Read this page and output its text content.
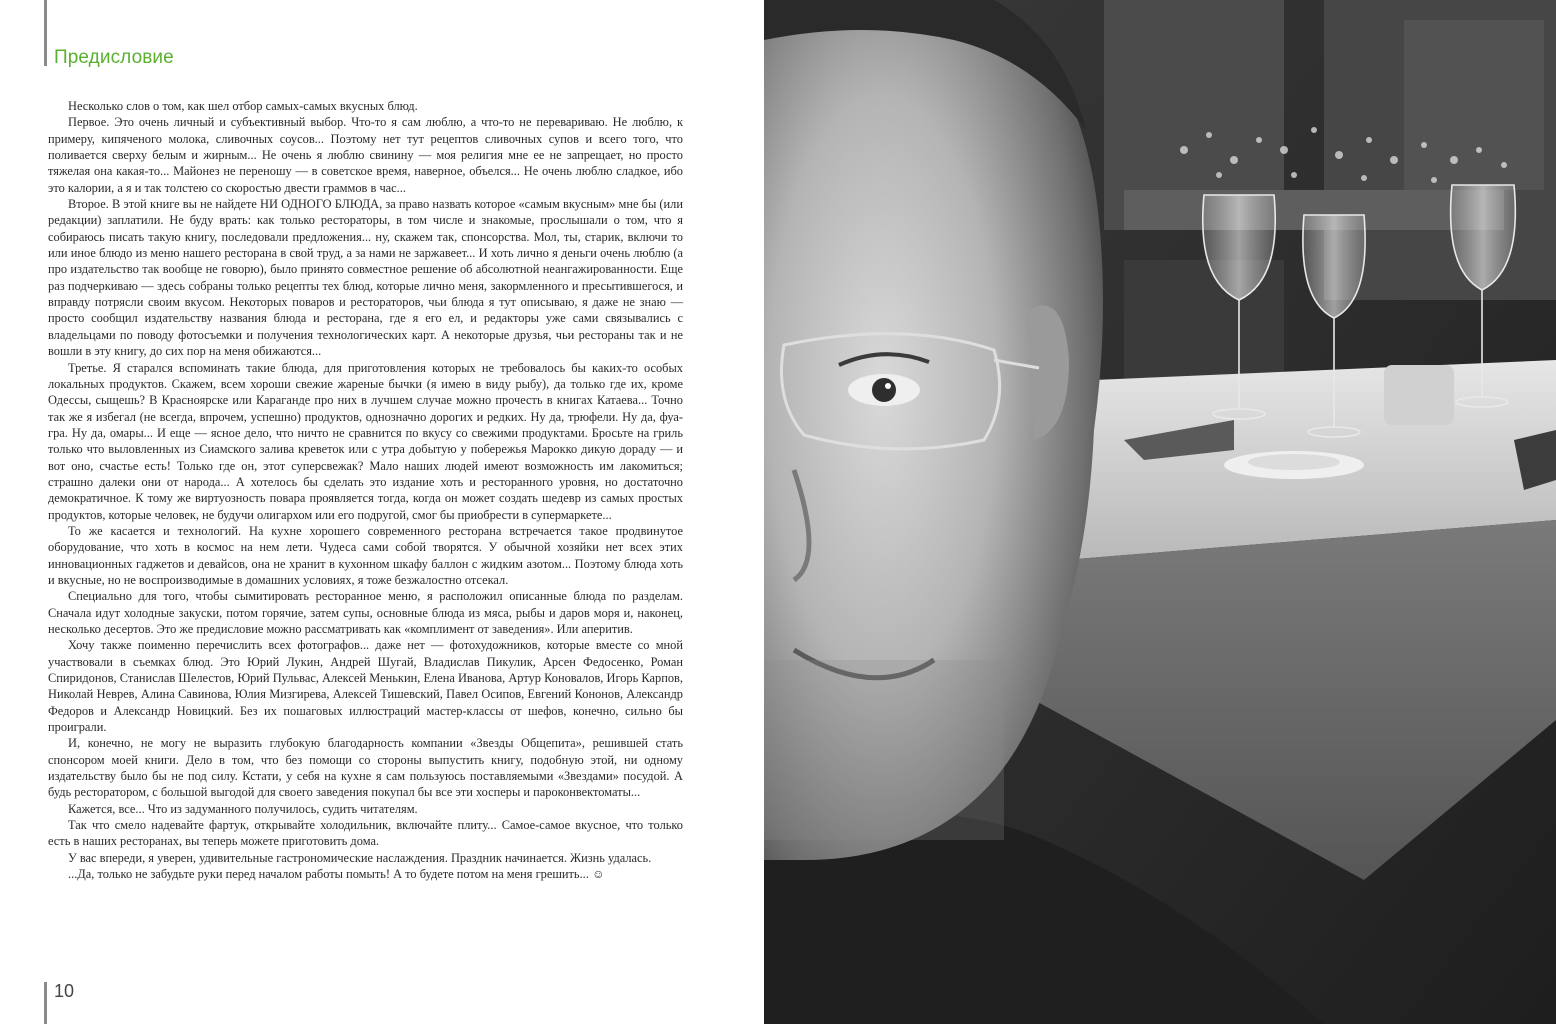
Предисловие

Несколько слов о том, как шел отбор самых-самых вкусных блюд.

Первое. Это очень личный и субъективный выбор. Что-то я сам люблю, а что-то не перевариваю. Не люблю, к примеру, кипяченого молока, сливочных соусов... Поэтому нет тут рецептов сливочных супов и всего того, что поливается сверху белым и жирным... Не очень я люблю свинину — моя религия мне ее не запрещает, но просто тяжелая она какая-то... Майонез не переношу — в советское время, наверное, объелся... Не очень люблю сладкое, ибо это калории, а я и так толстею со скоростью двести граммов в час...

Второе. В этой книге вы не найдете НИ ОДНОГО БЛЮДА, за право назвать которое «самым вкусным» мне бы (или редакции) заплатили. Не буду врать: как только рестораторы, в том числе и знакомые, прослышали о том, что я собираюсь писать такую книгу, последовали предложения... ну, скажем так, спонсорства. Мол, ты, старик, включи то или иное блюдо из меню нашего ресторана в свой труд, а за нами не заржавеет... И хоть лично я деньги очень люблю (а про издательство так вообще не говорю), было принято совместное решение об абсолютной неангажированности. Еще раз подчеркиваю — здесь собраны только рецепты тех блюд, которые лично меня, закормленного и пресытившегося, и вправду потрясли своим вкусом. Некоторых поваров и рестораторов, чьи блюда я тут описываю, я даже не знаю — просто сообщил издательству названия блюда и ресторана, где я его ел, и редакторы уже сами связывались с владельцами по поводу фотосъемки и получения технологических карт. А некоторые друзья, чьи рестораны так и не вошли в эту книгу, до сих пор на меня обижаются...

Третье. Я старался вспоминать такие блюда, для приготовления которых не требовалось бы каких-то особых локальных продуктов. Скажем, всем хороши свежие жареные бычки (я имею в виду рыбу), да только где их, кроме Одессы, сыщешь? В Красноярске или Караганде про них в лучшем случае можно прочесть в книгах Катаева... Точно так же я избегал (не всегда, впрочем, успешно) продуктов, однозначно дорогих и редких. Ну да, трюфели. Ну да, фуа-гра. Ну да, омары... И еще — ясное дело, что ничто не сравнится по вкусу со свежими продуктами. Бросьте на гриль только что выловленных из Сиамского залива креветок или с утра добытую у побережья Марокко дикую дораду — и вот оно, счастье есть! Только где он, этот суперсвежак? Мало наших людей имеют возможность им лакомиться; страшно далеки они от народа... А хотелось бы сделать это издание хоть и ресторанного уровня, но достаточно демократичное. К тому же виртуозность повара проявляется тогда, когда он может создать шедевр из самых простых продуктов, которые человек, не будучи олигархом или его подругой, смог бы приобрести в супермаркете...

То же касается и технологий. На кухне хорошего современного ресторана встречается такое продвинутое оборудование, что хоть в космос на нем лети. Чудеса сами собой творятся. У обычной хозяйки нет всех этих инновационных гаджетов и девайсов, она не хранит в кухонном шкафу баллон с жидким азотом... Поэтому блюда хоть и вкусные, но не воспроизводимые в домашних условиях, я тоже безжалостно отсекал.

Специально для того, чтобы сымитировать ресторанное меню, я расположил описанные блюда по разделам. Сначала идут холодные закуски, потом горячие, затем супы, основные блюда из мяса, рыбы и даров моря и, наконец, несколько десертов. Это же предисловие можно рассматривать как «комплимент от заведения». Или аперитив.

Хочу также поименно перечислить всех фотографов... даже нет — фотохудожников, которые вместе со мной участвовали в съемках блюд. Это Юрий Лукин, Андрей Шугай, Владислав Пикулик, Арсен Федосенко, Роман Спиридонов, Станислав Шелестов, Юрий Пульвас, Алексей Менькин, Елена Иванова, Артур Коновалов, Игорь Карпов, Николай Неврев, Алина Савинова, Юлия Мизгирева, Алексей Тишевский, Павел Осипов, Евгений Кононов, Александр Федоров и Александр Новицкий. Без их пошаговых иллюстраций мастер-классы от шефов, конечно, сильно бы проиграли.

И, конечно, не могу не выразить глубокую благодарность компании «Звезды Общепита», решившей стать спонсором моей книги. Дело в том, что без помощи со стороны выпустить книгу, подобную этой, ни одному издательству было бы не под силу. Кстати, у себя на кухне я сам пользуюсь поставляемыми «Звездами» посудой. А будь ресторатором, с большой выгодой для своего заведения покупал бы все эти хосперы и пароконвектоматы...

Кажется, все... Что из задуманного получилось, судить читателям.

Так что смело надевайте фартук, открывайте холодильник, включайте плиту... Самое-самое вкусное, что только есть в наших ресторанах, вы теперь можете приготовить дома.

У вас впереди, я уверен, удивительные гастрономические наслаждения. Праздник начинается. Жизнь удалась.

...Да, только не забудьте руки перед началом работы помыть! А то будете потом на меня грешить... ☺

10
